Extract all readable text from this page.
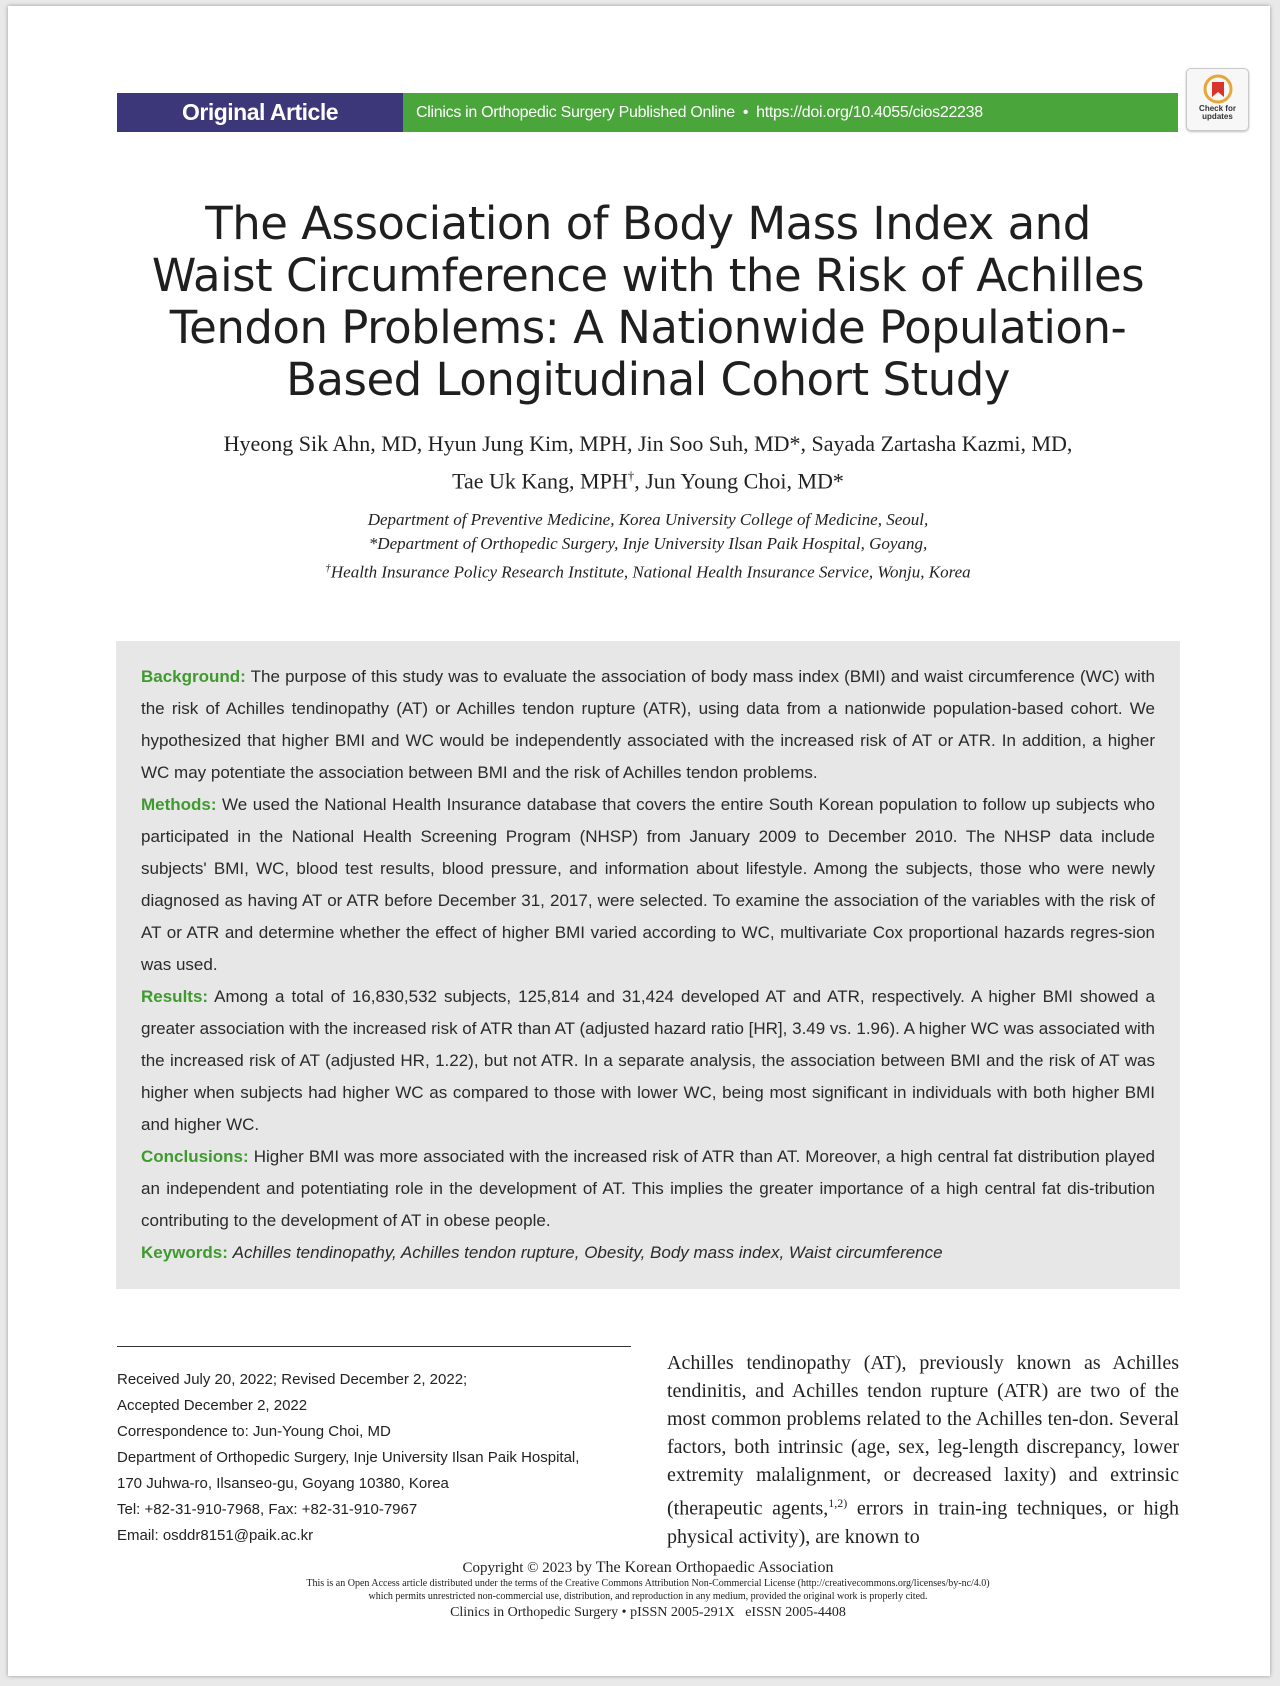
Original Article	Clinics in Orthopedic Surgery Published Online • https://doi.org/10.4055/cios22238	Check for updates
The Association of Body Mass Index and Waist Circumference with the Risk of Achilles Tendon Problems: A Nationwide Population-Based Longitudinal Cohort Study
Hyeong Sik Ahn, MD, Hyun Jung Kim, MPH, Jin Soo Suh, MD*, Sayada Zartasha Kazmi, MD,
Tae Uk Kang, MPH†, Jun Young Choi, MD*
Department of Preventive Medicine, Korea University College of Medicine, Seoul,
*Department of Orthopedic Surgery, Inje University Ilsan Paik Hospital, Goyang,
†Health Insurance Policy Research Institute, National Health Insurance Service, Wonju, Korea

Background: The purpose of this study was to evaluate the association of body mass index (BMI) and waist circumference (WC) with the risk of Achilles tendinopathy (AT) or Achilles tendon rupture (ATR), using data from a nationwide population-based cohort. We hypothesized that higher BMI and WC would be independently associated with the increased risk of AT or ATR. In addition, a higher WC may potentiate the association between BMI and the risk of Achilles tendon problems.

Methods: We used the National Health Insurance database that covers the entire South Korean population to follow up subjects who participated in the National Health Screening Program (NHSP) from January 2009 to December 2010. The NHSP data include subjects' BMI, WC, blood test results, blood pressure, and information about lifestyle. Among the subjects, those who were newly diagnosed as having AT or ATR before December 31, 2017, were selected. To examine the association of the variables with the risk of AT or ATR and determine whether the effect of higher BMI varied according to WC, multivariate Cox proportional hazards regres-sion was used.

Results: Among a total of 16,830,532 subjects, 125,814 and 31,424 developed AT and ATR, respectively. A higher BMI showed a greater association with the increased risk of ATR than AT (adjusted hazard ratio [HR], 3.49 vs. 1.96). A higher WC was associated with the increased risk of AT (adjusted HR, 1.22), but not ATR. In a separate analysis, the association between BMI and the risk of AT was higher when subjects had higher WC as compared to those with lower WC, being most significant in individuals with both higher BMI and higher WC.

Conclusions: Higher BMI was more associated with the increased risk of ATR than AT. Moreover, a high central fat distribution played an independent and potentiating role in the development of AT. This implies the greater importance of a high central fat dis-tribution contributing to the development of AT in obese people.

Keywords: Achilles tendinopathy, Achilles tendon rupture, Obesity, Body mass index, Waist circumference

Received July 20, 2022; Revised December 2, 2022;
Accepted December 2, 2022
Correspondence to: Jun-Young Choi, MD
Department of Orthopedic Surgery, Inje University Ilsan Paik Hospital,
170 Juhwa-ro, Ilsanseo-gu, Goyang 10380, Korea
Tel: +82-31-910-7968, Fax: +82-31-910-7967
Email: osddr8151@paik.ac.kr
Achilles tendinopathy (AT), previously known as Achilles tendinitis, and Achilles tendon rupture (ATR) are two of the most common problems related to the Achilles ten-don. Several factors, both intrinsic (age, sex, leg-length discrepancy, lower extremity malalignment, or decreased laxity) and extrinsic (therapeutic agents,$^{1,2)}$ errors in train-ing techniques, or high physical activity), are known to
Copyright © 2023 by The Korean Orthopaedic Association
This is an Open Access article distributed under the terms of the Creative Commons Attribution Non-Commercial License (http://creativecommons.org/licenses/by-nc/4.0)
which permits unrestricted non-commercial use, distribution, and reproduction in any medium, provided the original work is properly cited.
Clinics in Orthopedic Surgery • pISSN 2005-291X   eISSN 2005-4408
